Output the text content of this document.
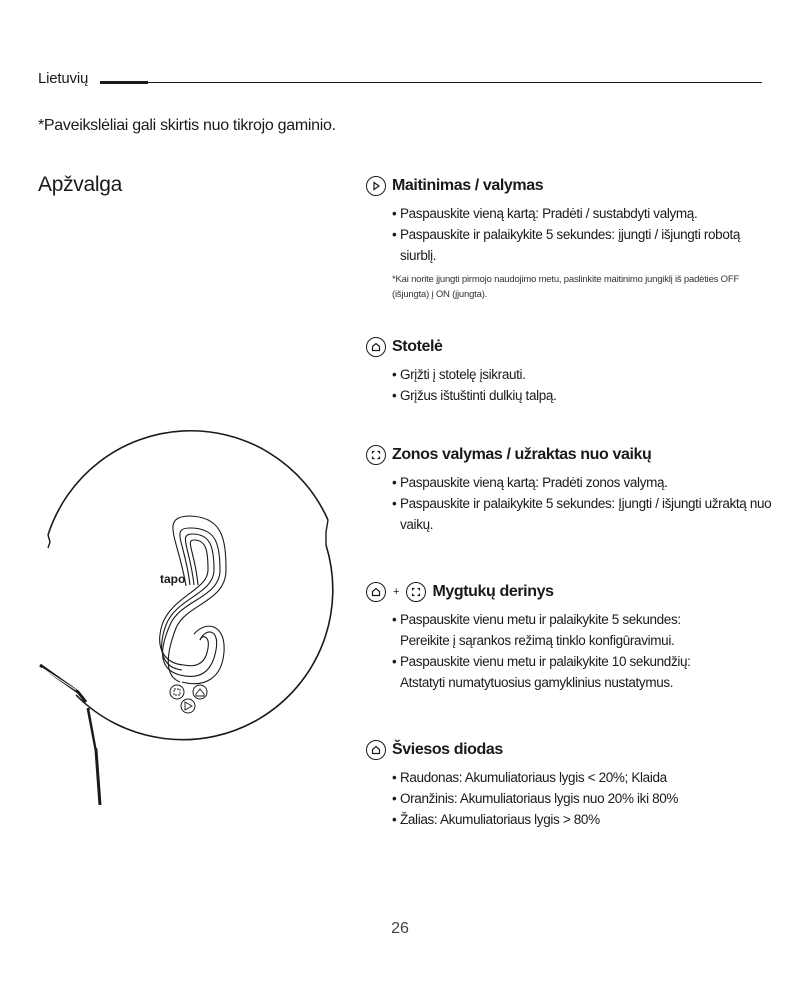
Lietuvių
*Paveikslėliai gali skirtis nuo tikrojo gaminio.
Apžvalga
tapo
Maitinimas / valymas
• Paspauskite vieną kartą: Pradėti / sustabdyti valymą.
• Paspauskite ir palaikykite 5 sekundes: įjungti / išjungti robotą siurblį.
*Kai norite įjungti pirmojo naudojimo metu, paslinkite maitinimo jungiklį iš padėties OFF (išjungta) į ON (įjungta).
Stotelė
• Grįžti į stotelę įsikrauti.
• Grįžus ištuštinti dulkių talpą.
Zonos valymas / užraktas nuo vaikų
• Paspauskite vieną kartą: Pradėti zonos valymą.
• Paspauskite ir palaikykite 5 sekundes: Įjungti / išjungti užraktą nuo vaikų.
+ Mygtukų derinys
• Paspauskite vienu metu ir palaikykite 5 sekundes:
Pereikite į sąrankos režimą tinklo konfigūravimui.
• Paspauskite vienu metu ir palaikykite 10 sekundžių:
Atstatyti numatytuosius gamyklinius nustatymus.
Šviesos diodas
• Raudonas: Akumuliatoriaus lygis < 20%; Klaida
• Oranžinis: Akumuliatoriaus lygis nuo 20% iki 80%
• Žalias: Akumuliatoriaus lygis > 80%
26
